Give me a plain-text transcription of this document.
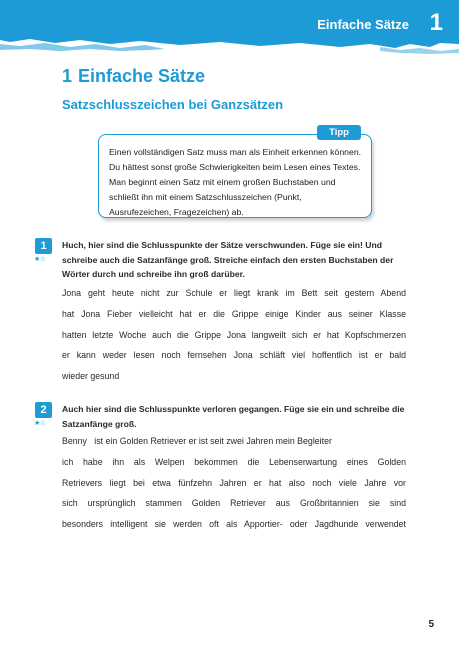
Einfache Sätze 1
1 Einfache Sätze
Satzschlusszeichen bei Ganzsätzen
Tipp
Einen vollständigen Satz muss man als Einheit erkennen können. Du hättest sonst große Schwierigkeiten beim Lesen eines Textes. Man beginnt einen Satz mit einem großen Buchstaben und schließt ihn mit einem Satzschlusszeichen (Punkt, Ausrufezeichen, Fragezeichen) ab.
1
★☆
Huch, hier sind die Schlusspunkte der Sätze verschwunden. Füge sie ein! Und schreibe auch die Satzanfänge groß. Streiche einfach den ersten Buchstaben der Wörter durch und schreibe ihn groß darüber.
Jona geht heute nicht zur Schule er liegt krank im Bett seit gestern Abend
hat Jona Fieber vielleicht hat er die Grippe einige Kinder aus seiner Klasse
hatten letzte Woche auch die Grippe Jona langweilt sich er hat Kopfschmerzen
er kann weder lesen noch fernsehen Jona schläft viel hoffentlich ist er bald
wieder gesund
2
★☆
Auch hier sind die Schlusspunkte verloren gegangen. Füge sie ein und schreibe die Satzanfänge groß.
Benny   ist ein Golden Retriever er ist seit zwei Jahren mein Begleiter
ich habe ihn als Welpen bekommen die Lebenserwartung eines Golden
Retrievers liegt bei etwa fünfzehn Jahren er hat also noch viele Jahre vor
sich ursprünglich stammen Golden Retriever aus Großbritannien sie sind
besonders intelligent sie werden oft als Apportier- oder Jagdhunde verwendet
5
